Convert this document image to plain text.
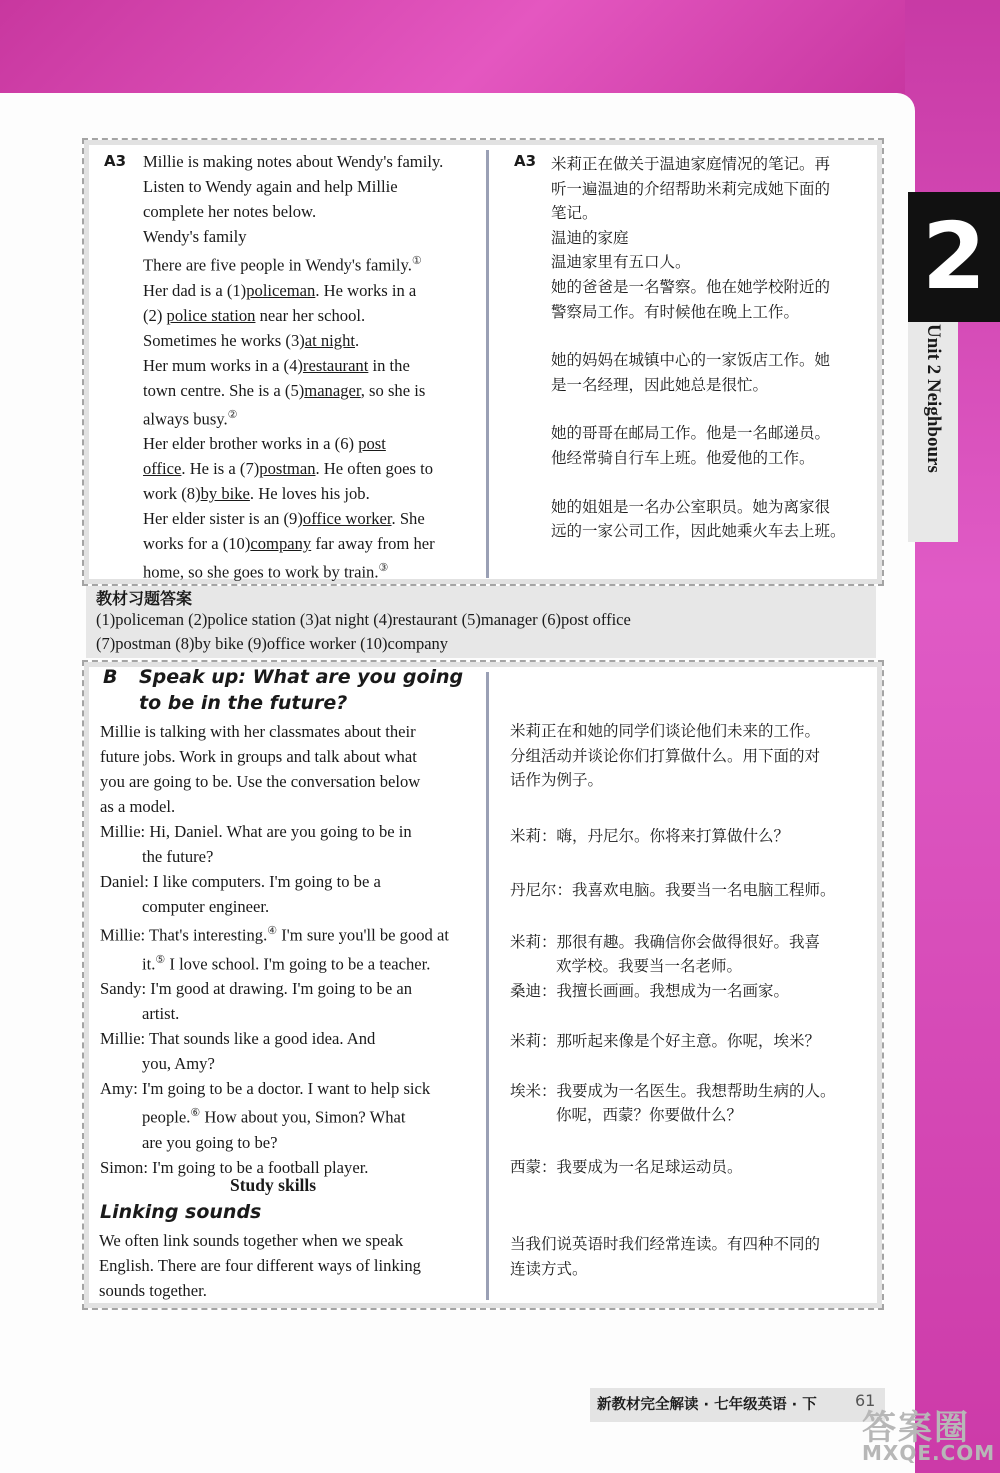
2
Unit 2 Neighbours
A3	A3
Millie is making notes about Wendy's family.
Listen to Wendy again and help Millie
complete her notes below.
Wendy's family
There are five people in Wendy's family.①
Her dad is a (1)policeman. He works in a
(2) police station near her school.
Sometimes he works (3)at night.
Her mum works in a (4)restaurant in the
town centre. She is a (5)manager, so she is
always busy.②
Her elder brother works in a (6) post
office. He is a (7)postman. He often goes to
work (8)by bike. He loves his job.
Her elder sister is an (9)office worker. She
works for a (10)company far away from her
home, so she goes to work by train.③
米莉正在做关于温迪家庭情况的笔记。再
听一遍温迪的介绍帮助米莉完成她下面的
笔记。
温迪的家庭
温迪家里有五口人。
她的爸爸是一名警察。他在她学校附近的
警察局工作。有时候他在晚上工作。
她的妈妈在城镇中心的一家饭店工作。她
是一名经理，因此她总是很忙。
她的哥哥在邮局工作。他是一名邮递员。
他经常骑自行车上班。他爱他的工作。
她的姐姐是一名办公室职员。她为离家很
远的一家公司工作，因此她乘火车去上班。
教材习题答案
(1)policeman (2)police station (3)at night (4)restaurant (5)manager (6)post office
(7)postman (8)by bike (9)office worker (10)company
B Speak up: What are you going
to be in the future?
Millie is talking with her classmates about their
future jobs. Work in groups and talk about what
you are going to be. Use the conversation below
as a model.
Millie: Hi, Daniel. What are you going to be in
the future?
Daniel: I like computers. I'm going to be a
computer engineer.
Millie: That's interesting.④ I'm sure you'll be good at
it.⑤ I love school. I'm going to be a teacher.
Sandy: I'm good at drawing. I'm going to be an
artist.
Millie: That sounds like a good idea. And
you, Amy?
Amy: I'm going to be a doctor. I want to help sick
people.⑥ How about you, Simon? What
are you going to be?
Simon: I'm going to be a football player.
Study skills
Linking sounds
We often link sounds together when we speak
English. There are four different ways of linking
sounds together.
米莉正在和她的同学们谈论他们未来的工作。
分组活动并谈论你们打算做什么。用下面的对
话作为例子。
米莉：嗨，丹尼尔。你将来打算做什么？
丹尼尔：我喜欢电脑。我要当一名电脑工程师。
米莉：那很有趣。我确信你会做得很好。我喜
欢学校。我要当一名老师。
桑迪：我擅长画画。我想成为一名画家。
米莉：那听起来像是个好主意。你呢，埃米？
埃米：我要成为一名医生。我想帮助生病的人。
你呢，西蒙？你要做什么？
西蒙：我要成为一名足球运动员。
当我们说英语时我们经常连读。有四种不同的
连读方式。
新教材完全解读 · 七年级英语 · 下 61
答案圈
MXQE.COM
